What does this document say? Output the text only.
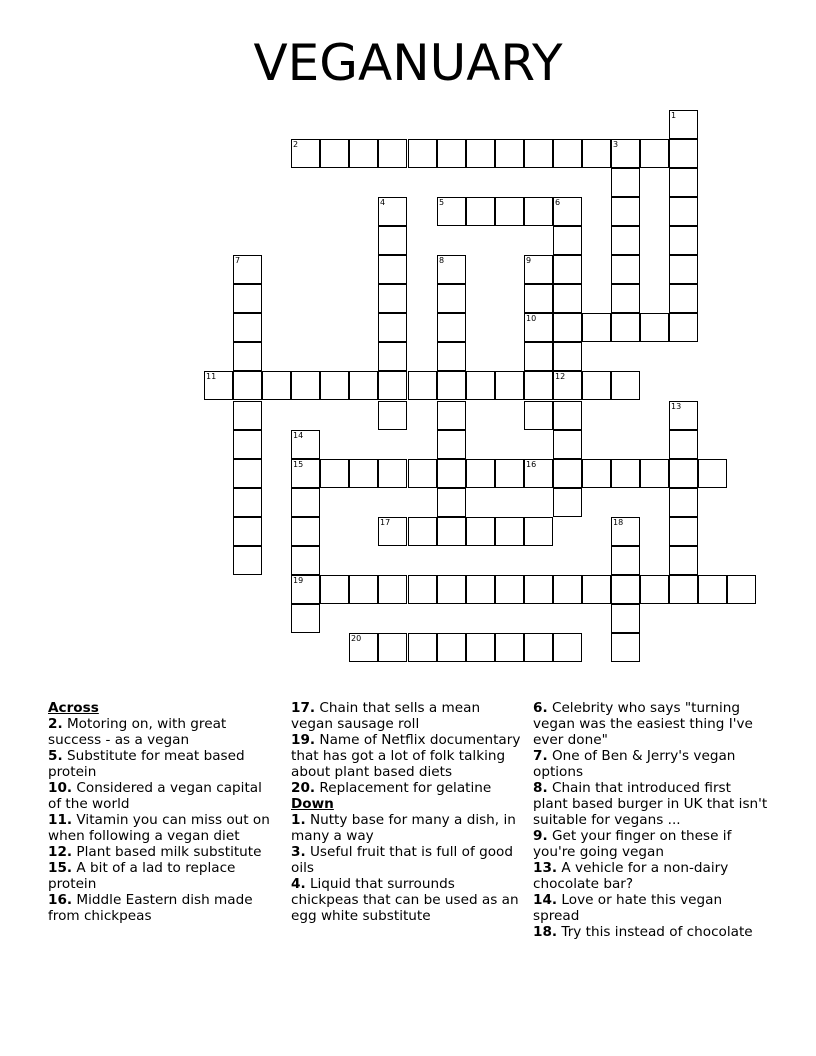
VEGANUARY
1
2	3
4	5	6
12
7	8	9
10
11
13
14
15
19
16
17	18
20
Across
2. Motoring on, with great success - as a vegan
5. Substitute for meat based protein
10. Considered a vegan capital of the world
11. Vitamin you can miss out on when following a vegan diet
12. Plant based milk substitute
15. A bit of a lad to replace protein
16. Middle Eastern dish made from chickpeas
17. Chain that sells a mean vegan sausage roll
19. Name of Netflix documentary that has got a lot of folk talking about plant based diets
20. Replacement for gelatine
Down
1. Nutty base for many a dish, in many a way
3. Useful fruit that is full of good oils
4. Liquid that surrounds chickpeas that can be used as an egg white substitute
6. Celebrity who says "turning vegan was the easiest thing I've ever done"
7. One of Ben & Jerry's vegan options
8. Chain that introduced first plant based burger in UK that isn't suitable for vegans ...
9. Get your finger on these if you're going vegan
13. A vehicle for a non-dairy chocolate bar?
14. Love or hate this vegan spread
18. Try this instead of chocolate
